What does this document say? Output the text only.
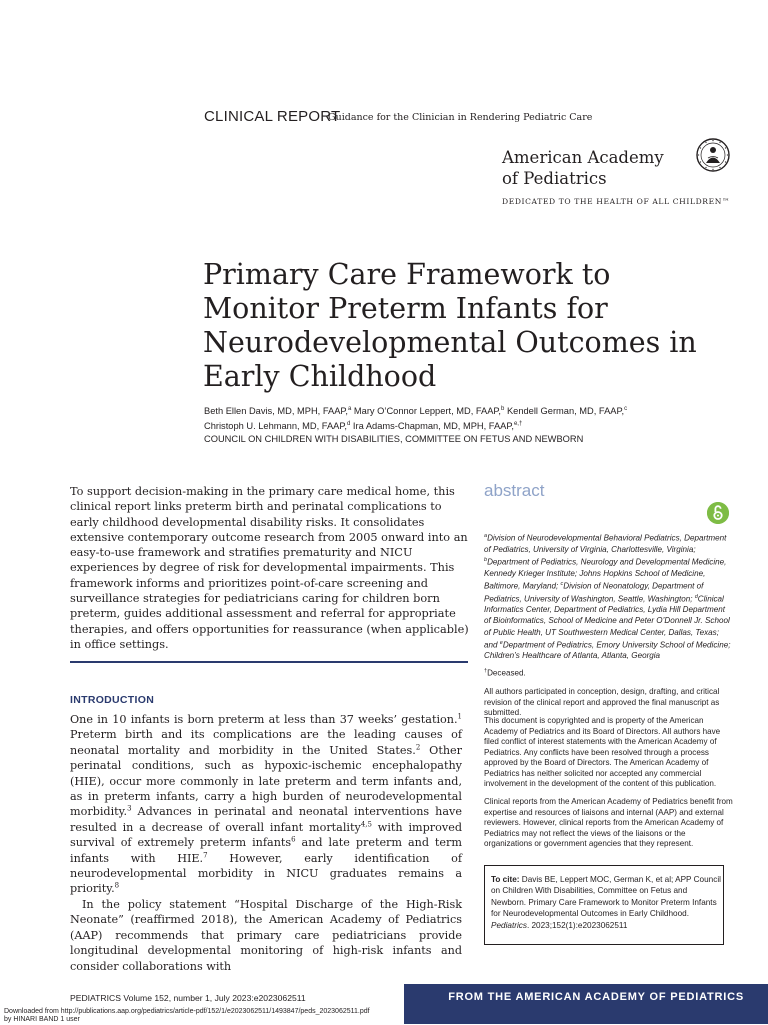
CLINICAL REPORT
Guidance for the Clinician in Rendering Pediatric Care
American Academy
of Pediatrics
DEDICATED TO THE HEALTH OF ALL CHILDREN™
Primary Care Framework to Monitor Preterm Infants for Neurodevelopmental Outcomes in Early Childhood
Beth Ellen Davis, MD, MPH, FAAP,$^a$ Mary O’Connor Leppert, MD, FAAP,$^b$ Kendell German, MD, FAAP,$^c$
Christoph U. Lehmann, MD, FAAP,$^d$ Ira Adams-Chapman, MD, MPH, FAAP,$^{e,\dagger}$
COUNCIL ON CHILDREN WITH DISABILITIES, COMMITTEE ON FETUS AND NEWBORN
To support decision-making in the primary care medical home, this clinical report links preterm birth and perinatal complications to early childhood developmental disability risks. It consolidates extensive contemporary outcome research from 2005 onward into an easy-to-use framework and stratifies prematurity and NICU experiences by degree of risk for developmental impairments. This framework informs and prioritizes point-of-care screening and surveillance strategies for pediatricians caring for children born preterm, guides additional assessment and referral for appropriate therapies, and offers opportunities for reassurance (when applicable) in office settings.
INTRODUCTION

One in 10 infants is born preterm at less than 37 weeks’ gestation.$^1$ Preterm birth and its complications are the leading causes of neonatal mortality and morbidity in the United States.$^2$ Other perinatal conditions, such as hypoxic-ischemic encephalopathy (HIE), occur more commonly in late preterm and term infants and, as in preterm infants, carry a high burden of neurodevelopmental morbidity.$^3$ Advances in perinatal and neonatal interventions have resulted in a decrease of overall infant mortality$^{4,5}$ with improved survival of extremely preterm infants$^6$ and late preterm and term infants with HIE.$^7$ However, early identification of neurodevelopmental morbidity in NICU graduates remains a priority.$^8$

In the policy statement “Hospital Discharge of the High-Risk Neonate” (reaffirmed 2018), the American Academy of Pediatrics (AAP) recommends that primary care pediatricians provide longitudinal developmental monitoring of high-risk infants and consider collaborations with

abstract
$^a$Division of Neurodevelopmental Behavioral Pediatrics, Department of Pediatrics, University of Virginia, Charlottesville, Virginia; $^b$Department of Pediatrics, Neurology and Developmental Medicine, Kennedy Krieger Institute; Johns Hopkins School of Medicine, Baltimore, Maryland; $^c$Division of Neonatology, Department of Pediatrics, University of Washington, Seattle, Washington; $^d$Clinical Informatics Center, Department of Pediatrics, Lydia Hill Department of Bioinformatics, School of Medicine and Peter O’Donnell Jr. School of Public Health, UT Southwestern Medical Center, Dallas, Texas; and $^e$Department of Pediatrics, Emory University School of Medicine; Children’s Healthcare of Atlanta, Atlanta, Georgia
†Deceased.
All authors participated in conception, design, drafting, and critical revision of the clinical report and approved the final manuscript as submitted.
This document is copyrighted and is property of the American Academy of Pediatrics and its Board of Directors. All authors have filed conflict of interest statements with the American Academy of Pediatrics. Any conflicts have been resolved through a process approved by the Board of Directors. The American Academy of Pediatrics has neither solicited nor accepted any commercial involvement in the development of the content of this publication.
Clinical reports from the American Academy of Pediatrics benefit from expertise and resources of liaisons and internal (AAP) and external reviewers. However, clinical reports from the American Academy of Pediatrics may not reflect the views of the liaisons or the organizations or government agencies that they represent.
To cite: Davis BE, Leppert MOC, German K, et al; APP Council on Children With Disabilities, Committee on Fetus and Newborn. Primary Care Framework to Monitor Preterm Infants for Neurodevelopmental Outcomes in Early Childhood. Pediatrics. 2023;152(1):e2023062511
PEDIATRICS Volume 152, number 1, July 2023:e2023062511	FROM THE AMERICAN ACADEMY OF PEDIATRICS
Downloaded from http://publications.aap.org/pediatrics/article-pdf/152/1/e2023062511/1493847/peds_2023062511.pdf
by HINARI BAND 1 user
